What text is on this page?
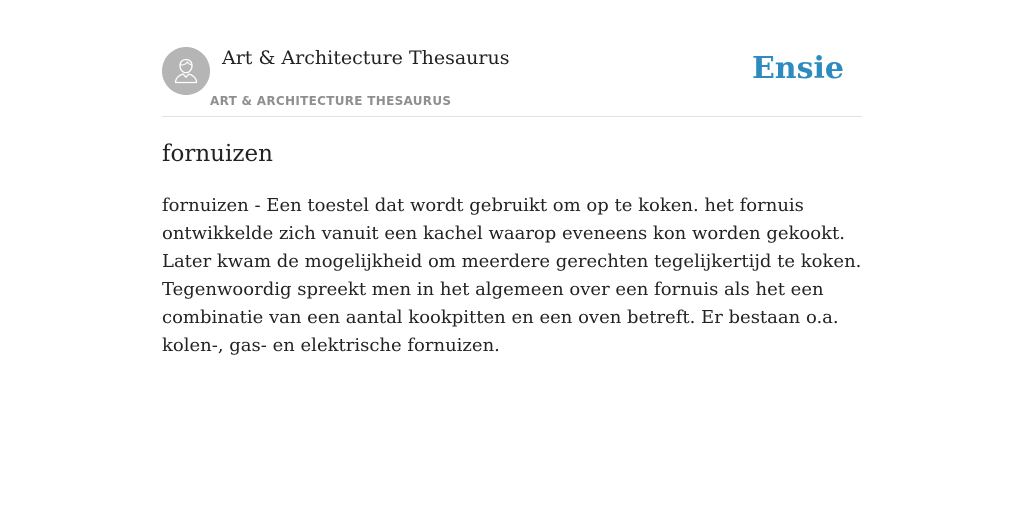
Art & Architecture Thesaurus
ART & ARCHITECTURE THESAURUS
Ensie
fornuizen

fornuizen - Een toestel dat wordt gebruikt om op te koken. het fornuis ontwikkelde zich vanuit een kachel waarop eveneens kon worden gekookt. Later kwam de mogelijkheid om meerdere gerechten tegelijkertijd te koken. Tegenwoordig spreekt men in het algemeen over een fornuis als het een combinatie van een aantal kookpitten en een oven betreft. Er bestaan o.a. kolen-, gas- en elektrische fornuizen.
